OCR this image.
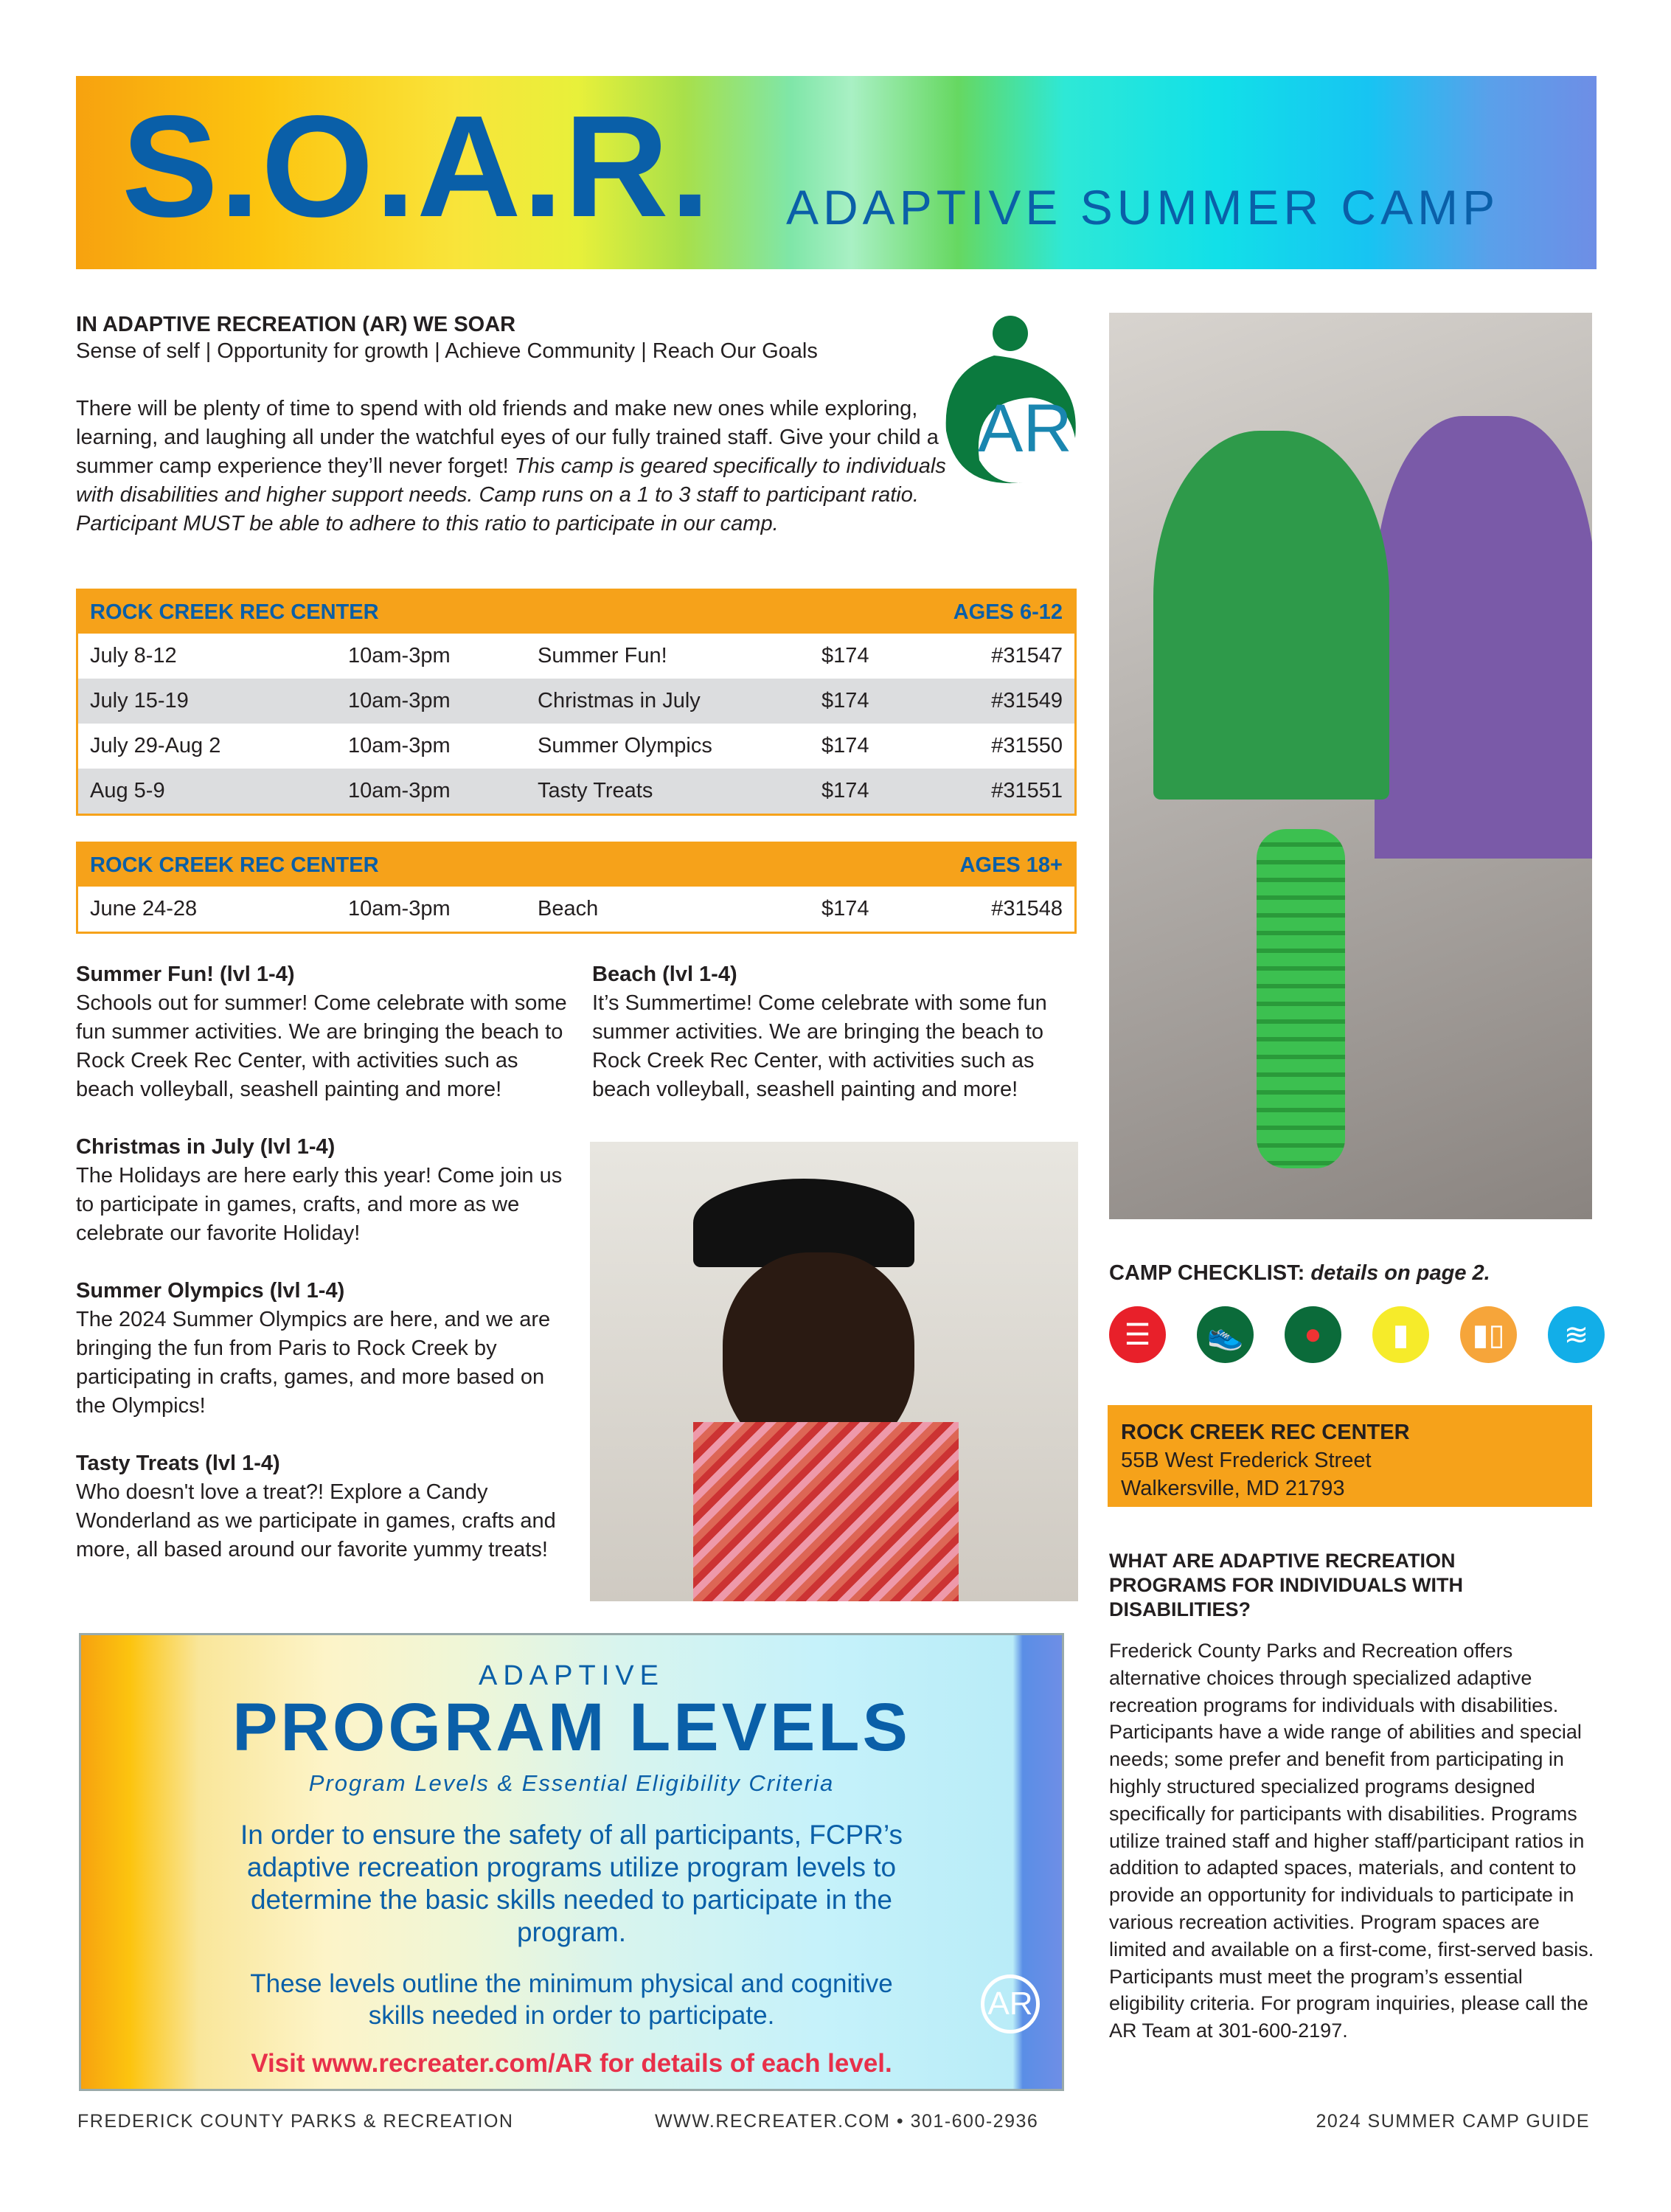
S.O.A.R. ADAPTIVE SUMMER CAMP
IN ADAPTIVE RECREATION (AR) WE SOAR
Sense of self | Opportunity for growth | Achieve Community | Reach Our Goals
There will be plenty of time to spend with old friends and make new ones while exploring, learning, and laughing all under the watchful eyes of our fully trained staff. Give your child a summer camp experience they’ll never forget! This camp is geared specifically to individuals with disabilities and higher support needs. Camp runs on a 1 to 3 staff to participant ratio. Participant MUST be able to adhere to this ratio to participate in our camp.
AR
ROCK CREEK REC CENTER	AGES 6-12
July 8-12	10am-3pm	Summer Fun!	$174	#31547
July 15-19	10am-3pm	Christmas in July	$174	#31549
July 29-Aug 2	10am-3pm	Summer Olympics	$174	#31550
Aug 5-9	10am-3pm	Tasty Treats	$174	#31551
ROCK CREEK REC CENTER	AGES 18+
June 24-28	10am-3pm	Beach	$174	#31548

Summer Fun! (lvl 1-4)
Schools out for summer! Come celebrate with some fun summer activities. We are bringing the beach to Rock Creek Rec Center, with activities such as beach volleyball, seashell painting and more!

Christmas in July (lvl 1-4)
The Holidays are here early this year! Come join us to participate in games, crafts, and more as we celebrate our favorite Holiday!

Summer Olympics (lvl 1-4)
The 2024 Summer Olympics are here, and we are bringing the fun from Paris to Rock Creek by participating in crafts, games, and more based on the Olympics!

Tasty Treats (lvl 1-4)
Who doesn't love a treat?! Explore a Candy Wonderland as we participate in games, crafts and more, all based around our favorite yummy treats!

Beach (lvl 1-4)
It’s Summertime! Come celebrate with some fun summer activities. We are bringing the beach to Rock Creek Rec Center, with activities such as beach volleyball, seashell painting and more!

ADAPTIVE
PROGRAM LEVELS
Program Levels & Essential Eligibility Criteria
In order to ensure the safety of all participants, FCPR’s adaptive recreation programs utilize program levels to determine the basic skills needed to participate in the program.
These levels outline the minimum physical and cognitive skills needed in order to participate.
Visit www.recreater.com/AR for details of each level.
AR
CAMP CHECKLIST: details on page 2.
☰ 👟 ● ▮ ▮▯ ≋
ROCK CREEK REC CENTER
55B West Frederick Street
Walkersville, MD 21793
WHAT ARE ADAPTIVE RECREATION PROGRAMS FOR INDIVIDUALS WITH DISABILITIES?
Frederick County Parks and Recreation offers alternative choices through specialized adaptive recreation programs for individuals with disabilities. Participants have a wide range of abilities and special needs; some prefer and benefit from participating in highly structured specialized programs designed specifically for participants with disabilities. Programs utilize trained staff and higher staff/participant ratios in addition to adapted spaces, materials, and content to provide an opportunity for individuals to participate in various recreation activities. Program spaces are limited and available on a first-come, first-served basis. Participants must meet the program’s essential eligibility criteria. For program inquiries, please call the AR Team at 301-600-2197.
FREDERICK COUNTY PARKS & RECREATION	WWW.RECREATER.COM • 301-600-2936	2024 SUMMER CAMP GUIDE
